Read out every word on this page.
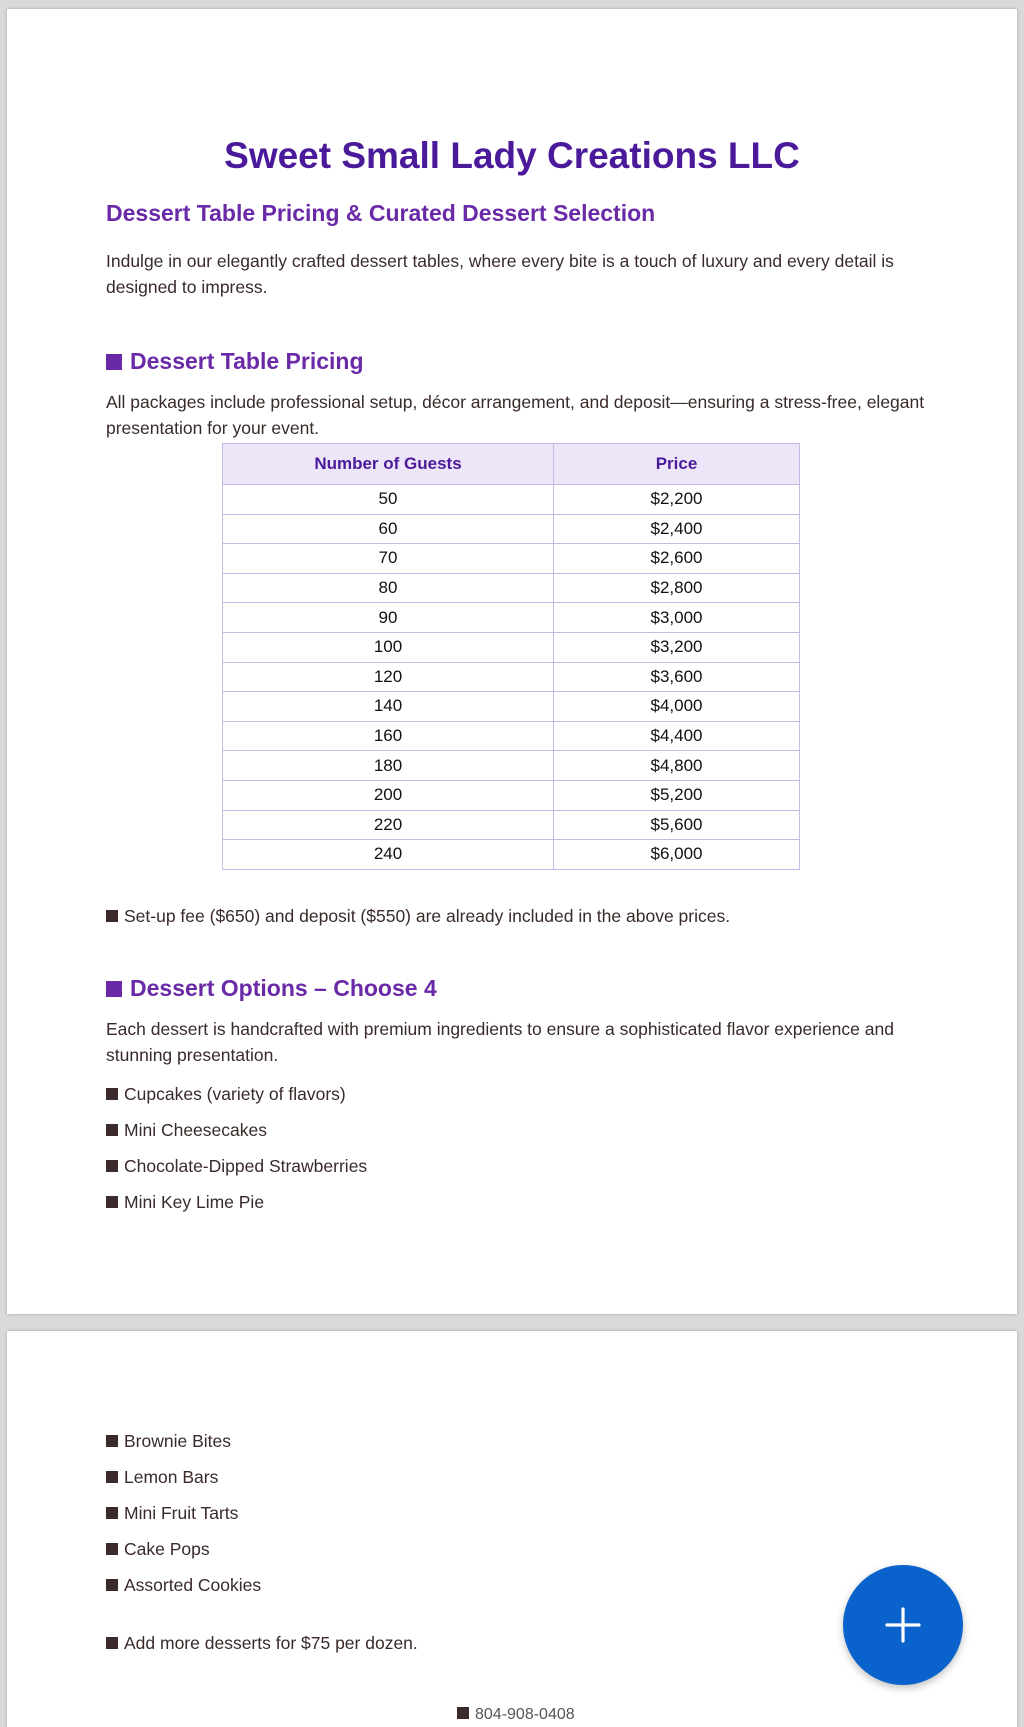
Sweet Small Lady Creations LLC
Dessert Table Pricing & Curated Dessert Selection

Indulge in our elegantly crafted dessert tables, where every bite is a touch of luxury and every detail is designed to impress.

Dessert Table Pricing

All packages include professional setup, décor arrangement, and deposit—ensuring a stress-free, elegant presentation for your event.

Number of Guests	Price
50	$2,200
60	$2,400
70	$2,600
80	$2,800
90	$3,000
100	$3,200
120	$3,600
140	$4,000
160	$4,400
180	$4,800
200	$5,200
220	$5,600
240	$6,000

Set-up fee ($650) and deposit ($550) are already included in the above prices.

Dessert Options – Choose 4

Each dessert is handcrafted with premium ingredients to ensure a sophisticated flavor experience and stunning presentation.

Cupcakes (variety of flavors)

Mini Cheesecakes

Chocolate-Dipped Strawberries

Mini Key Lime Pie

Brownie Bites

Lemon Bars

Mini Fruit Tarts

Cake Pops

Assorted Cookies

Add more desserts for $75 per dozen.

804-908-0408
